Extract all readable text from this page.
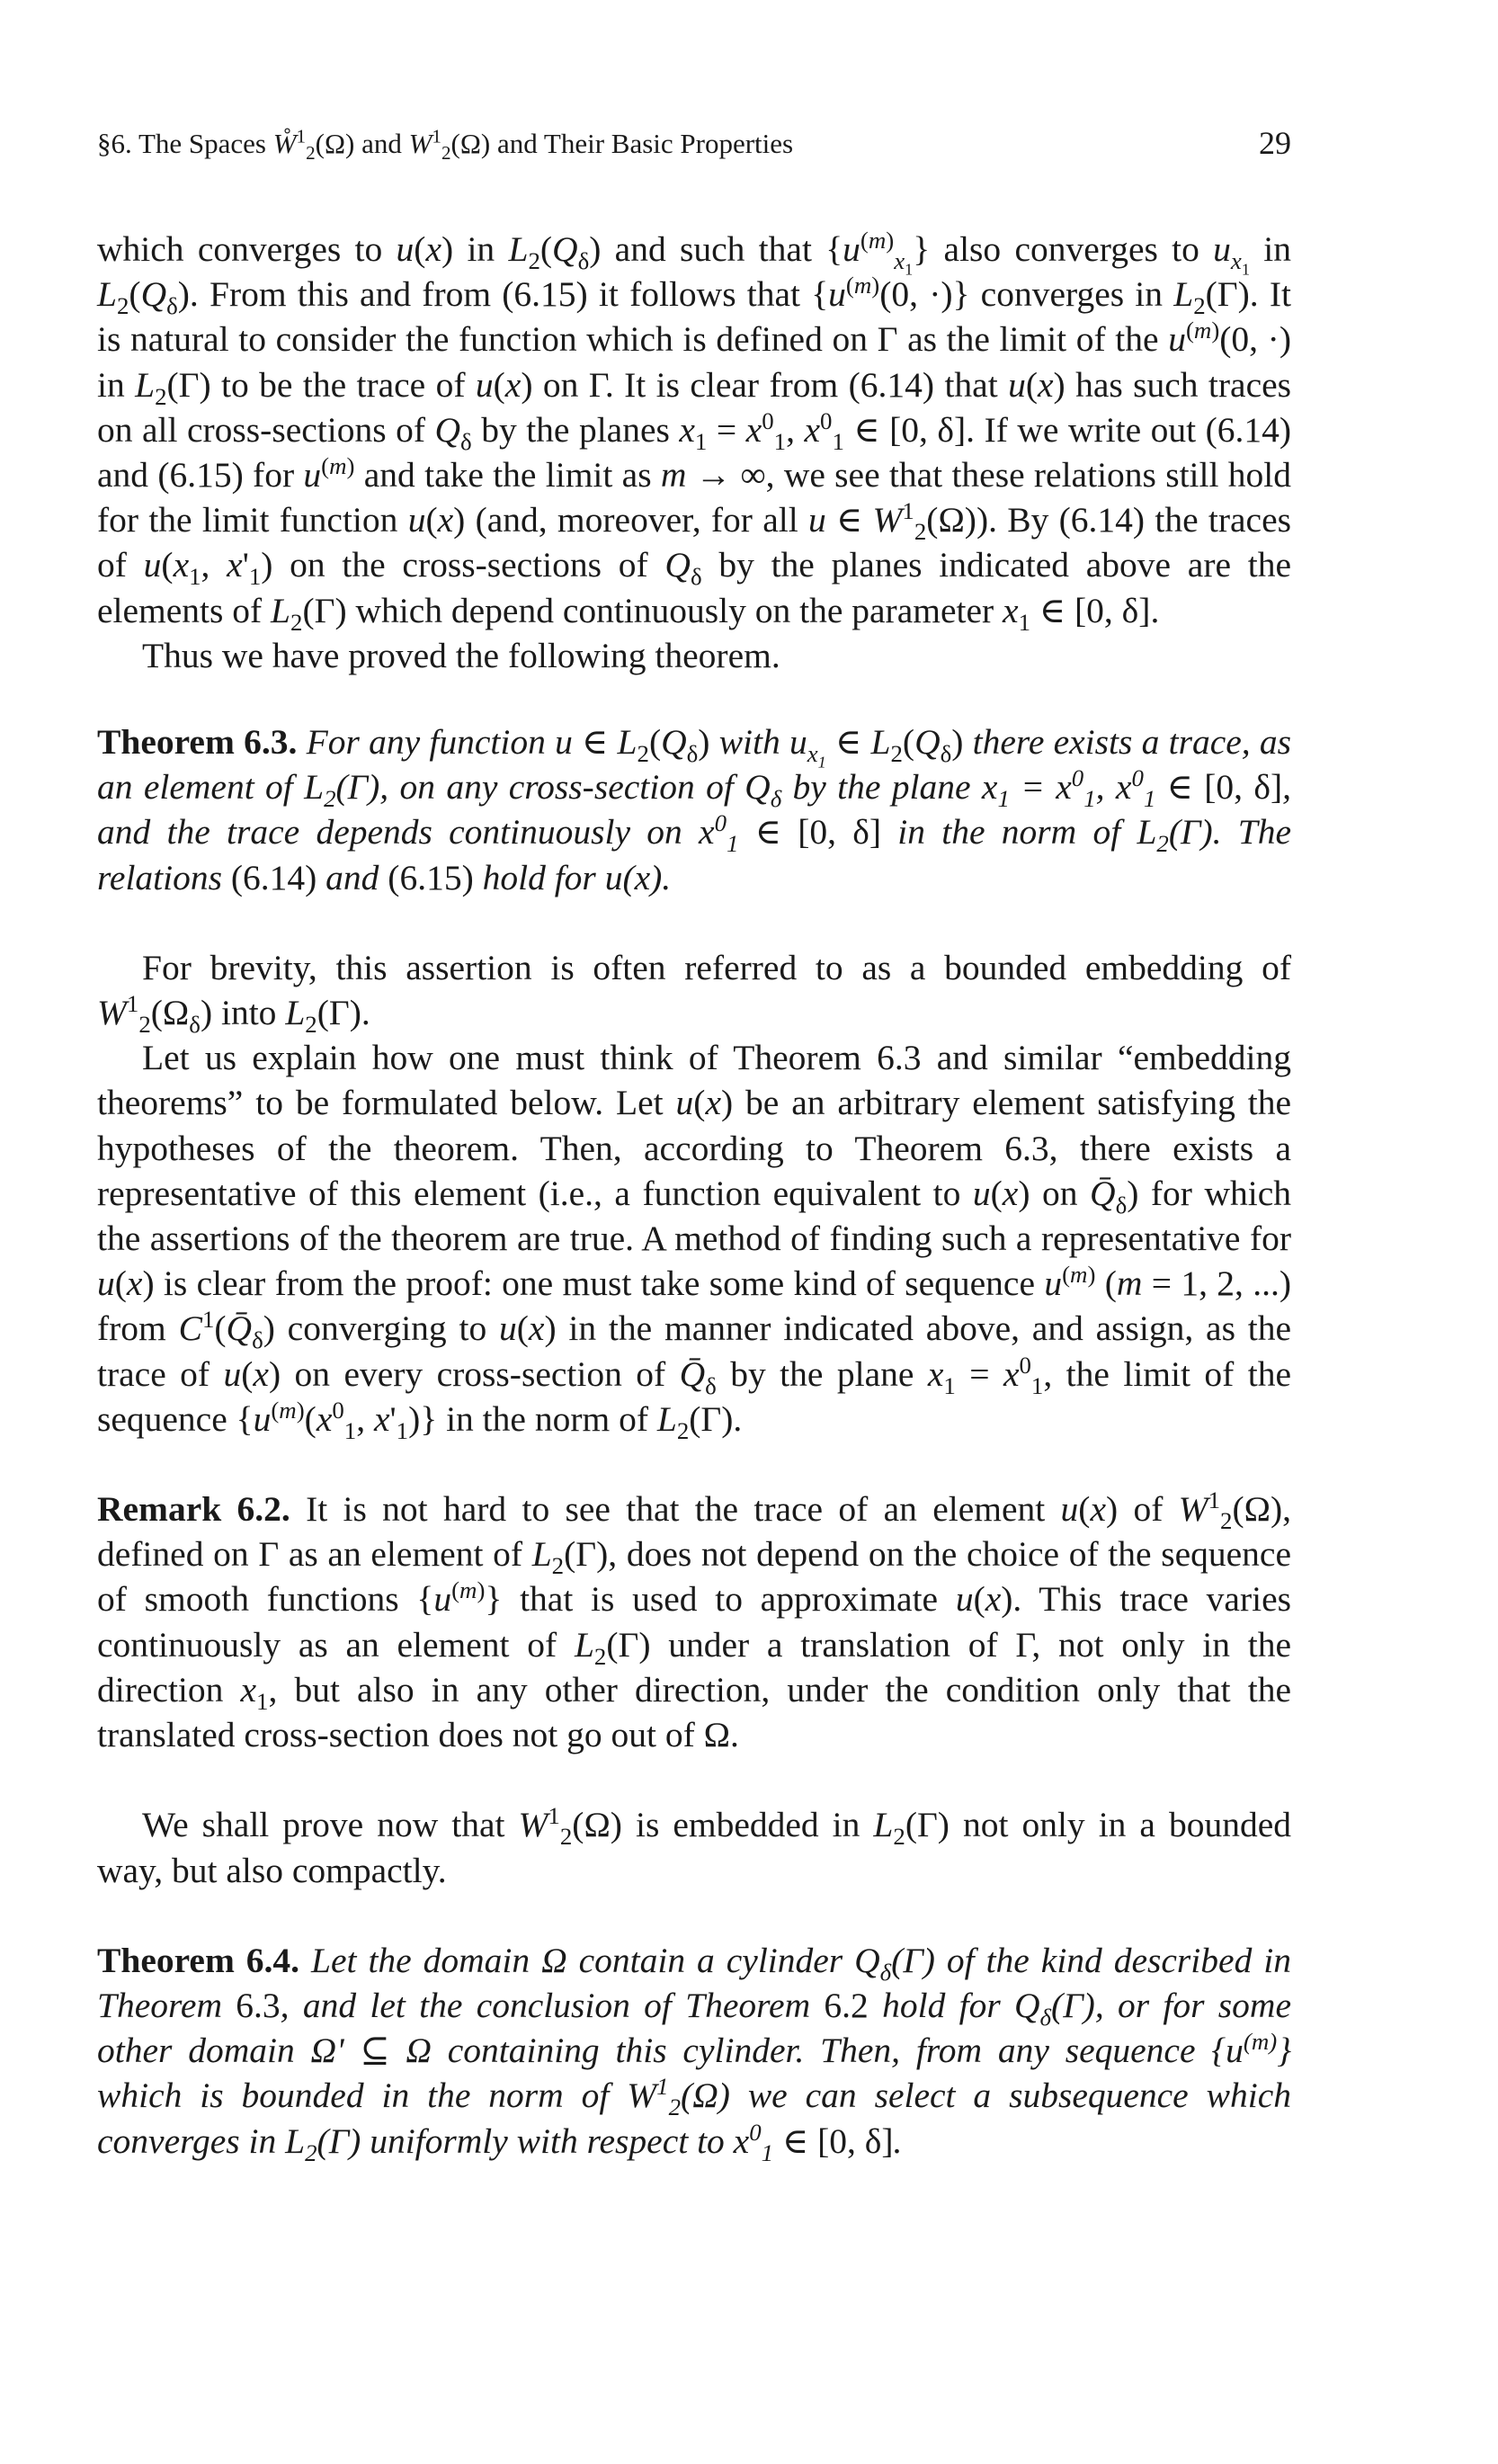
§6. The Spaces W̊$^1_2$(Ω) and $W^1_2(\Omega)$ and Their Basic Properties	29

which converges to u(x) in $L_2(Q_\delta)$ and such that $\{u^{(m)}_{x_1}\}$ also converges to $u_{x_1}$ in $L_2(Q_\delta)$. From this and from (6.15) it follows that {$u^{(m)}(0$, ·)} converges in $L_2(\Gamma)$. It is natural to consider the function which is defined on Γ as the limit of the $u^{(m)}(0$, ·) in $L_2(\Gamma)$ to be the trace of u(x) on Γ. It is clear from (6.14) that u(x) has such traces on all cross-sections of $Q_\delta$ by the planes $x_1 = x^0_1$, $x^0_1$ ∈ [0, δ]. If we write out (6.14) and (6.15) for $u^{(m)}$ and take the limit as m → ∞, we see that these relations still hold for the limit function u(x) (and, moreover, for all u ∈ $W^1_2(\Omega)$). By (6.14) the traces of $u(x_1$, $x'_1$) on the cross-sections of $Q_\delta$ by the planes indicated above are the elements of $L_2(\Gamma)$ which depend continuously on the parameter $x_1$ ∈ [0, δ].

Thus we have proved the following theorem.

Theorem 6.3. For any function u ∈ $L_2(Q_\delta)$ with $u_{x_1}$ ∈ $L_2(Q_\delta)$ there exists a trace, as an element of $L_2(\Gamma)$, on any cross-section of $Q_\delta$ by the plane $x_1 = x^0_1$, $x^0_1$ ∈ [0, δ], and the trace depends continuously on $x^0_1$ ∈ [0, δ] in the norm of $L_2(\Gamma)$. The relations (6.14) and (6.15) hold for u(x).

For brevity, this assertion is often referred to as a bounded embedding of $W^1_2(\Omega_\delta)$ into $L_2(\Gamma)$.

Let us explain how one must think of Theorem 6.3 and similar “embedding theorems” to be formulated below. Let u(x) be an arbitrary element satisfying the hypotheses of the theorem. Then, according to Theorem 6.3, there exists a representative of this element (i.e., a function equivalent to u(x) on $Q̄_\delta$) for which the assertions of the theorem are true. A method of finding such a representative for u(x) is clear from the proof: one must take some kind of sequence $u^{(m)}$ (m = 1, 2, ...) from $C^1(Q̄_\delta)$ converging to u(x) in the manner indicated above, and assign, as the trace of u(x) on every cross-section of $Q̄_\delta$ by the plane $x_1 = x^0_1$, the limit of the sequence {$u^{(m)}(x^0_1$, $x'_1$)} in the norm of $L_2(\Gamma)$.

Remark 6.2. It is not hard to see that the trace of an element u(x) of $W^1_2(\Omega)$, defined on Γ as an element of $L_2(\Gamma)$, does not depend on the choice of the sequence of smooth functions $\{u^{(m)}\}$ that is used to approximate u(x). This trace varies continuously as an element of $L_2(\Gamma)$ under a translation of Γ, not only in the direction $x_1$, but also in any other direction, under the condition only that the translated cross-section does not go out of Ω.

We shall prove now that $W^1_2(\Omega)$ is embedded in $L_2(\Gamma)$ not only in a bounded way, but also compactly.

Theorem 6.4. Let the domain Ω contain a cylinder $Q_\delta(\Gamma)$ of the kind described in Theorem 6.3, and let the conclusion of Theorem 6.2 hold for $Q_\delta(\Gamma)$, or for some other domain Ω' ⊆ Ω containing this cylinder. Then, from any sequence $\{u^{(m)}\}$ which is bounded in the norm of $W^1_2(\Omega)$ we can select a subsequence which converges in $L_2(\Gamma)$ uniformly with respect to $x^0_1$ ∈ [0, δ].
